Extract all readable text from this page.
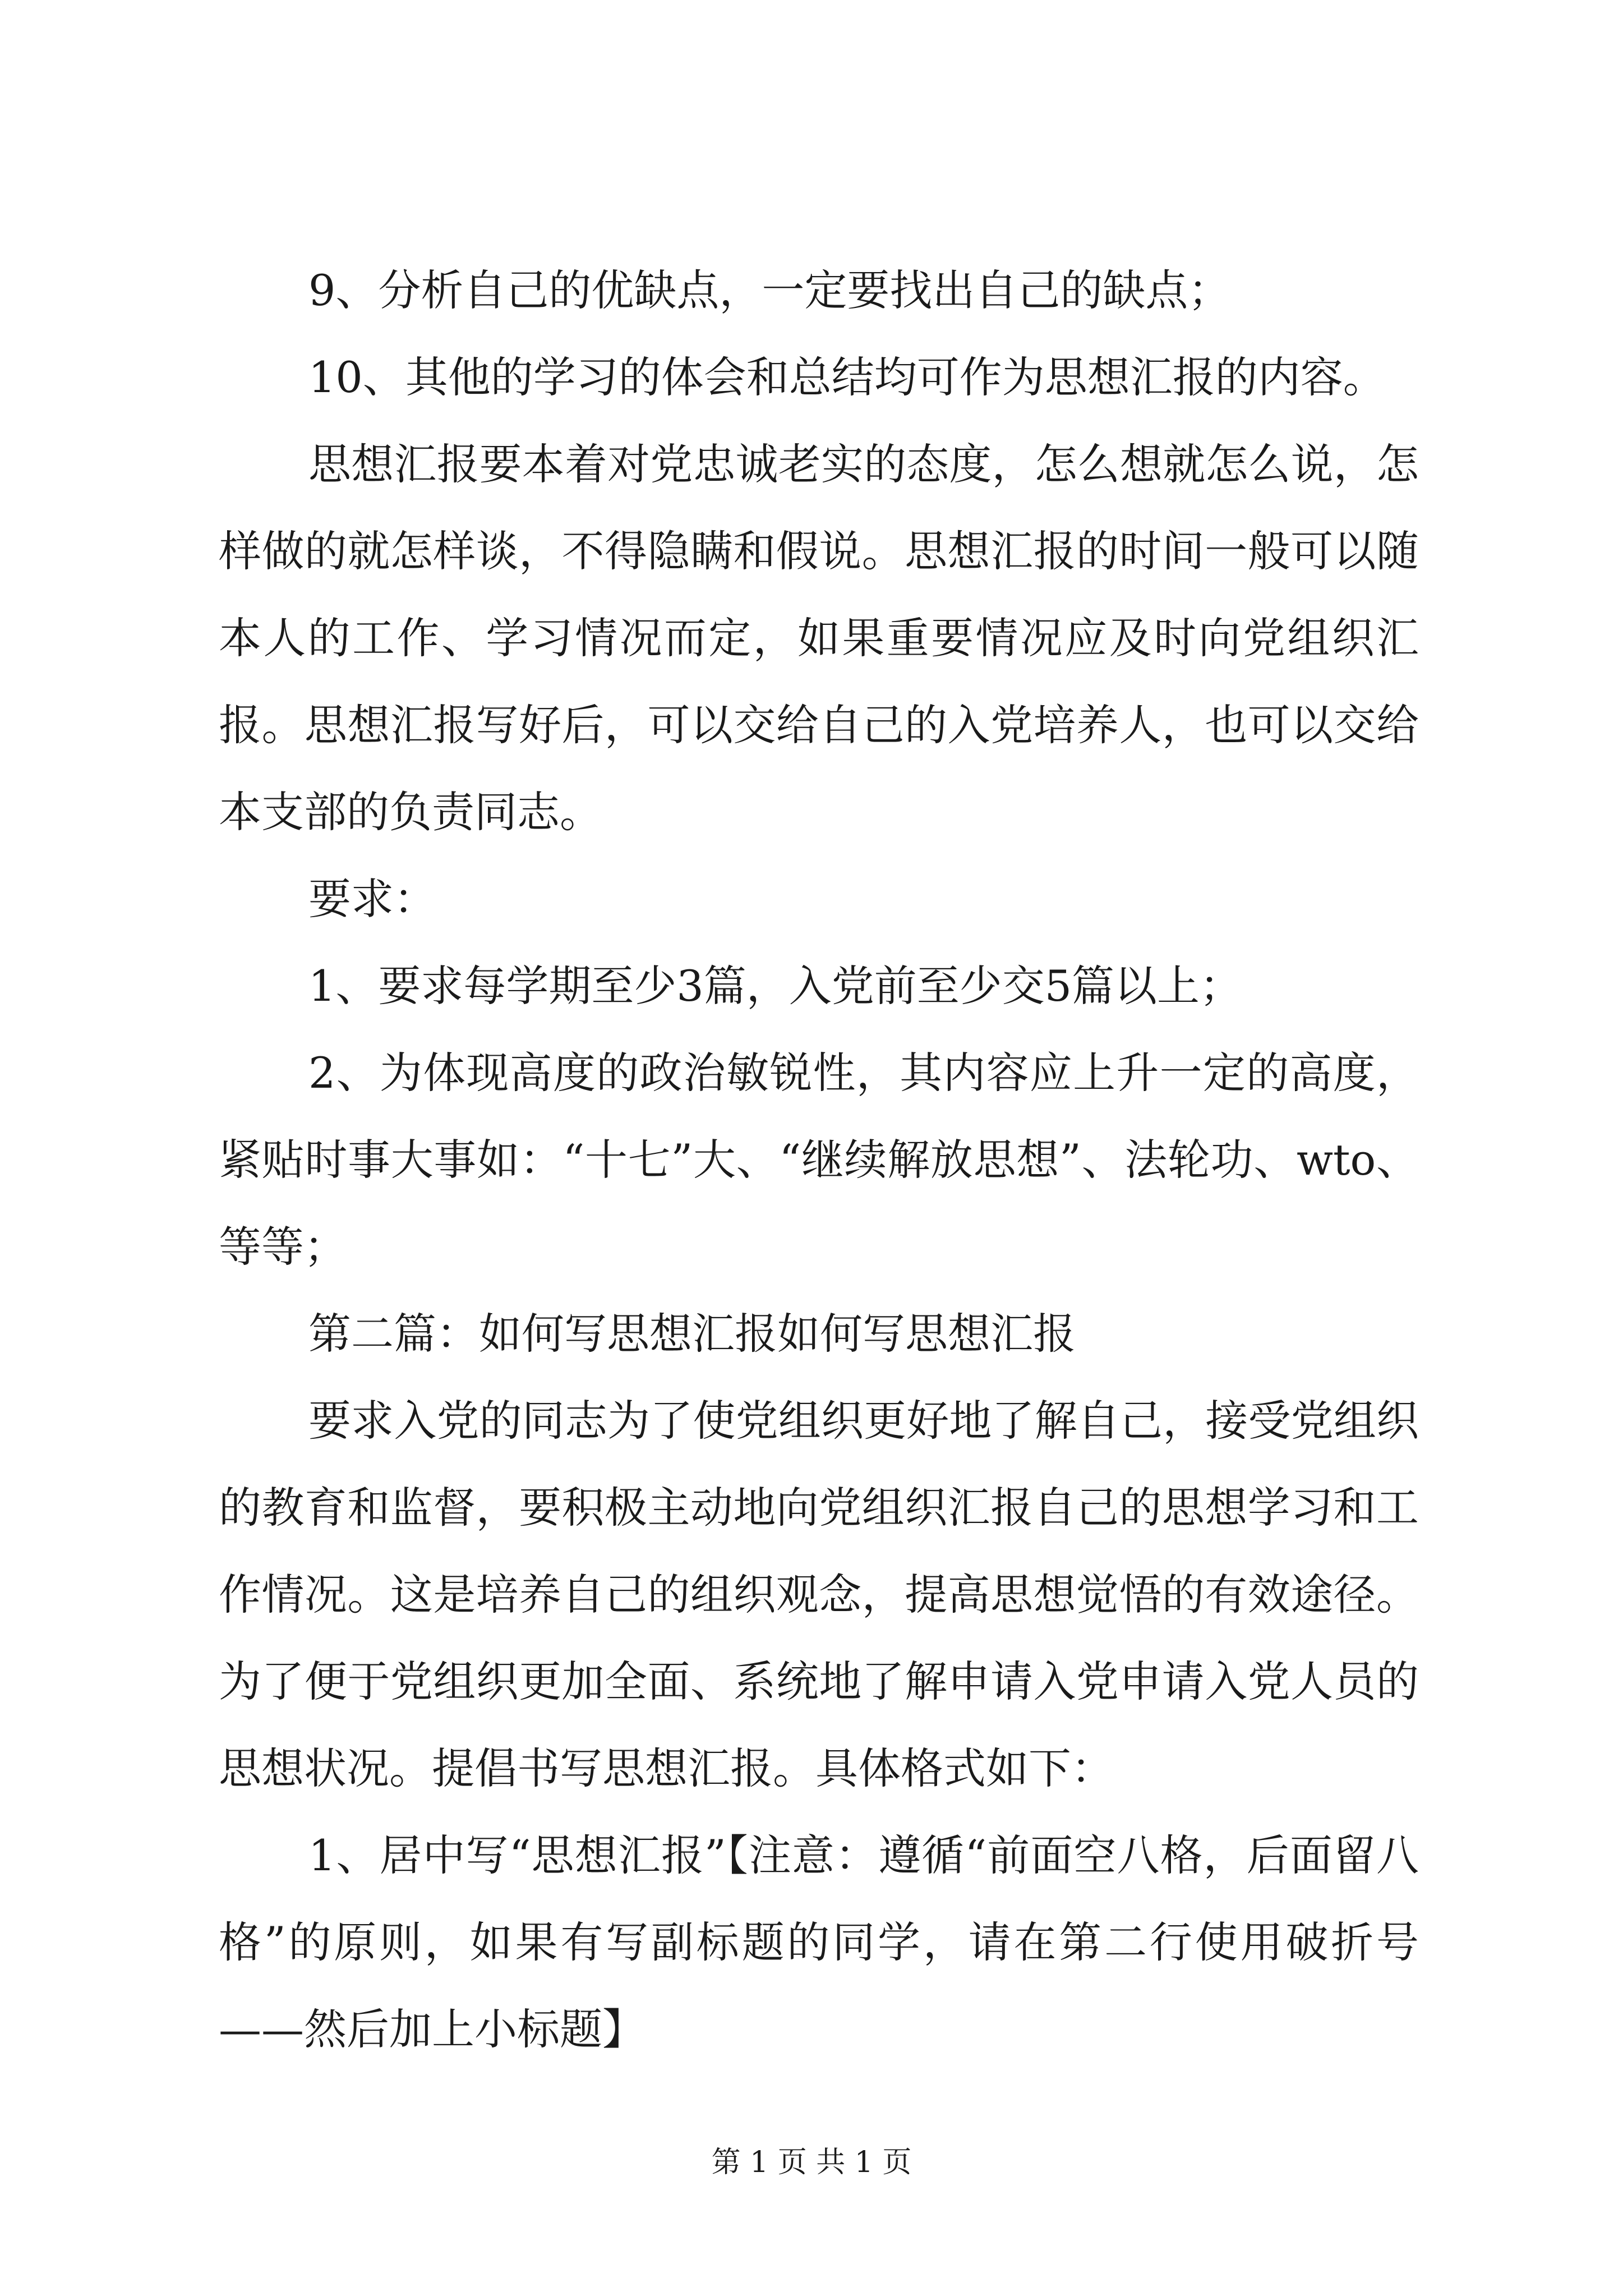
9、分析自己的优缺点，一定要找出自己的缺点；

10、其他的学习的体会和总结均可作为思想汇报的内容。

思想汇报要本着对党忠诚老实的态度，怎么想就怎么说，怎样做的就怎样谈，不得隐瞒和假说。思想汇报的时间一般可以随本人的工作、学习情况而定，如果重要情况应及时向党组织汇报。思想汇报写好后，可以交给自己的入党培养人，也可以交给本支部的负责同志。

要求：

1、要求每学期至少3篇，入党前至少交5篇以上；

2、为体现高度的政治敏锐性，其内容应上升一定的高度，紧贴时事大事如：“十七”大、“继续解放思想”、法轮功、wto、等等；

第二篇：如何写思想汇报如何写思想汇报

要求入党的同志为了使党组织更好地了解自己，接受党组织的教育和监督，要积极主动地向党组织汇报自己的思想学习和工作情况。这是培养自己的组织观念，提高思想觉悟的有效途径。为了便于党组织更加全面、系统地了解申请入党申请入党人员的思想状况。提倡书写思想汇报。具体格式如下：

1、居中写“思想汇报”【注意：遵循“前面空八格，后面留八格”的原则，如果有写副标题的同学，请在第二行使用破折号——然后加上小标题】

第 1 页 共 1 页
